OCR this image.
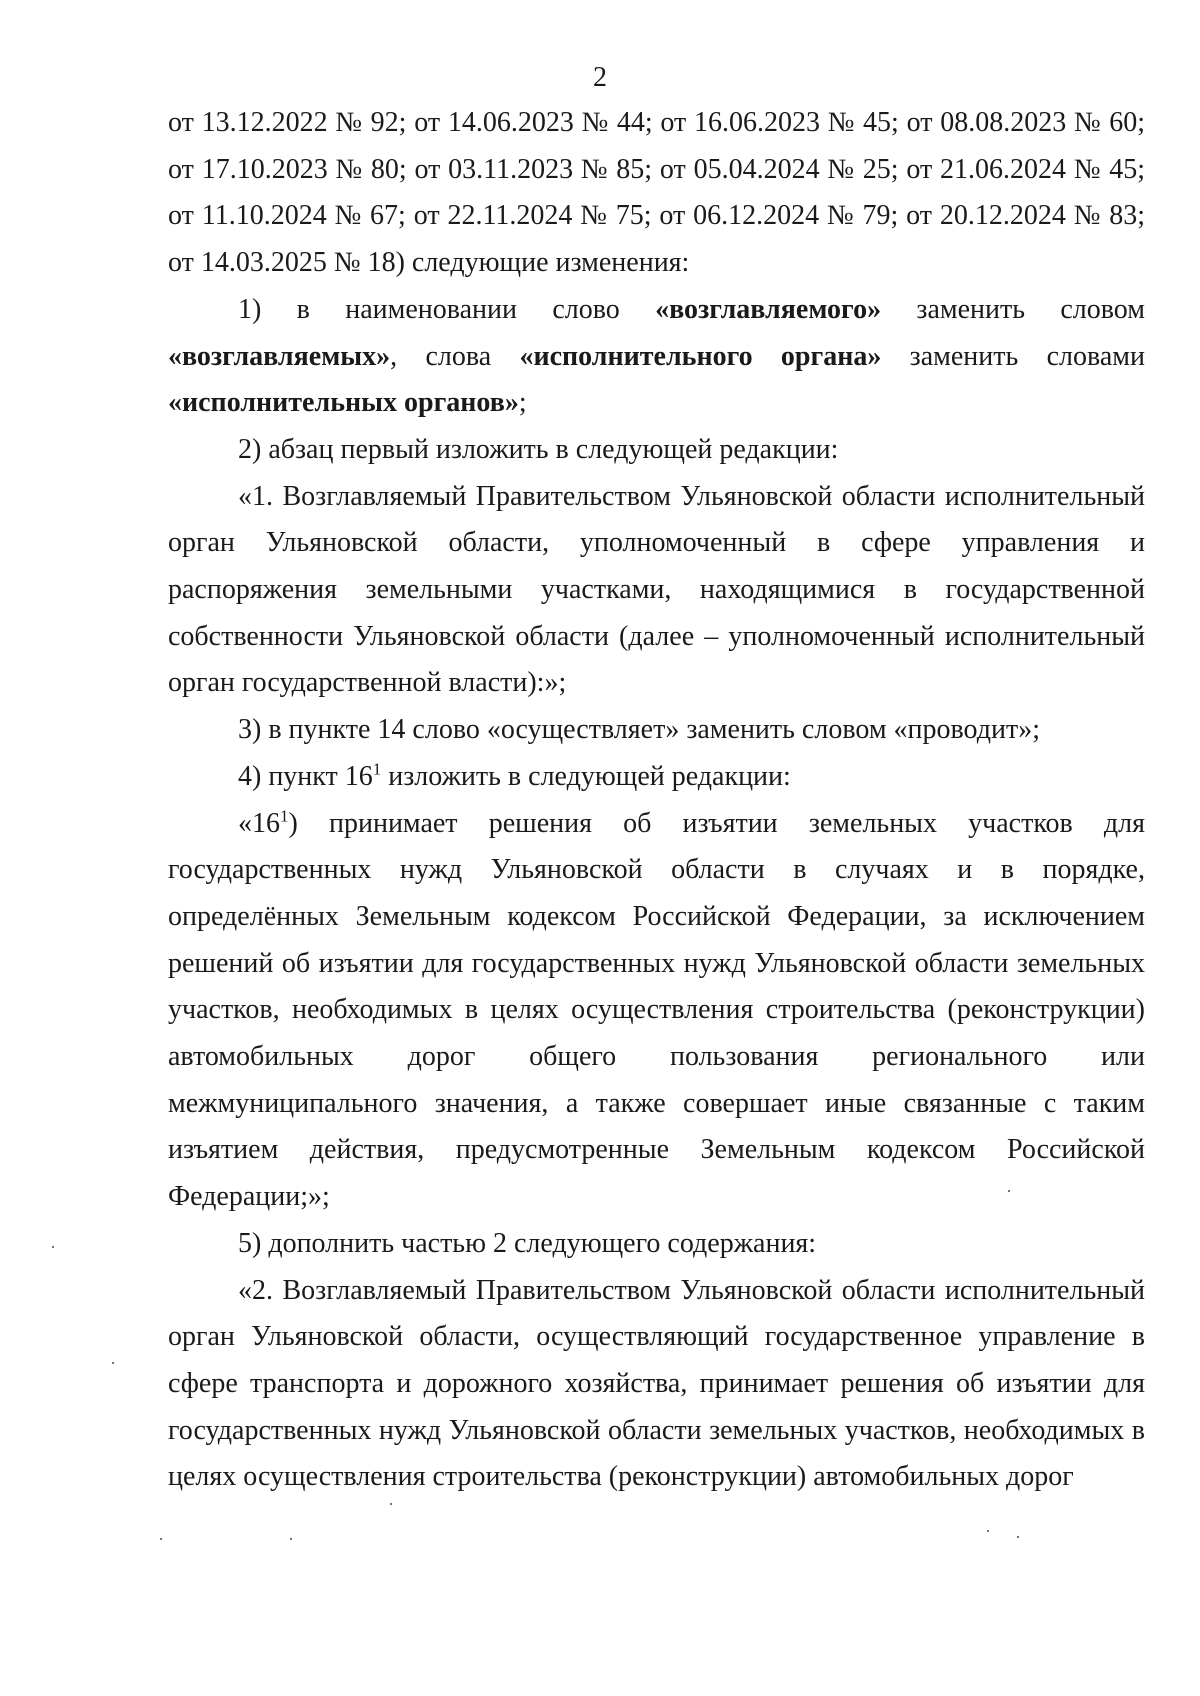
2

от 13.12.2022 № 92; от 14.06.2023 № 44; от 16.06.2023 № 45; от 08.08.2023 № 60; от 17.10.2023 № 80; от 03.11.2023 № 85; от 05.04.2024 № 25; от 21.06.2024 № 45; от 11.10.2024 № 67; от 22.11.2024 № 75; от 06.12.2024 № 79; от 20.12.2024 № 83; от 14.03.2025 № 18) следующие изменения:

1) в наименовании слово «возглавляемого» заменить словом «возглавляемых», слова «исполнительного органа» заменить словами «исполнительных органов»;

2) абзац первый изложить в следующей редакции:

«1. Возглавляемый Правительством Ульяновской области исполнительный орган Ульяновской области, уполномоченный в сфере управления и распоряжения земельными участками, находящимися в государственной собственности Ульяновской области (далее – уполномоченный исполнительный орган государственной власти):»;

3) в пункте 14 слово «осуществляет» заменить словом «проводит»;

4) пункт $16^1$ изложить в следующей редакции:

«$16^1$) принимает решения об изъятии земельных участков для государственных нужд Ульяновской области в случаях и в порядке, определённых Земельным кодексом Российской Федерации, за исключением решений об изъятии для государственных нужд Ульяновской области земельных участков, необходимых в целях осуществления строительства (реконструкции) автомобильных дорог общего пользования регионального или межмуниципального значения, а также совершает иные связанные с таким изъятием действия, предусмотренные Земельным кодексом Российской Федерации;»;

5) дополнить частью 2 следующего содержания:

«2. Возглавляемый Правительством Ульяновской области исполнительный орган Ульяновской области, осуществляющий государственное управление в сфере транспорта и дорожного хозяйства, принимает решения об изъятии для государственных нужд Ульяновской области земельных участков, необходимых в целях осуществления строительства (реконструкции) автомобильных дорог
